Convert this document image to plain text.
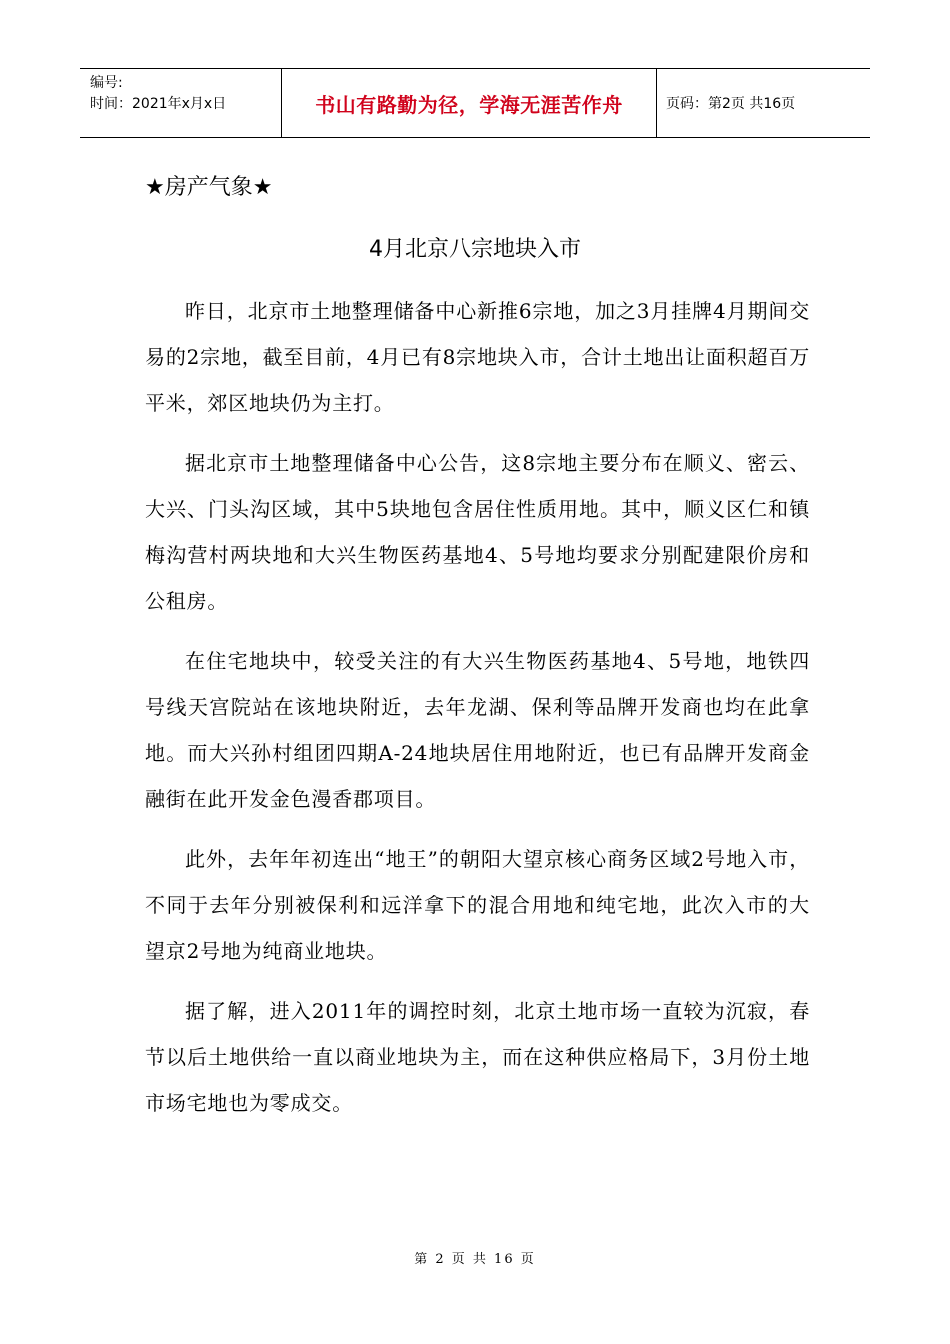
编号:
时间：2021年x月x日	书山有路勤为径，学海无涯苦作舟	页码：第2页 共16页
★房产气象★
4月北京八宗地块入市

昨日，北京市土地整理储备中心新推6宗地，加之3月挂牌4月期间交易的2宗地，截至目前，4月已有8宗地块入市，合计土地出让面积超百万平米，郊区地块仍为主打。

据北京市土地整理储备中心公告，这8宗地主要分布在顺义、密云、大兴、门头沟区域，其中5块地包含居住性质用地。其中，顺义区仁和镇梅沟营村两块地和大兴生物医药基地4、5号地均要求分别配建限价房和公租房。

在住宅地块中，较受关注的有大兴生物医药基地4、5号地，地铁四号线天宫院站在该地块附近，去年龙湖、保利等品牌开发商也均在此拿地。而大兴孙村组团四期A-24地块居住用地附近，也已有品牌开发商金融街在此开发金色漫香郡项目。

此外，去年年初连出“地王”的朝阳大望京核心商务区域2号地入市，不同于去年分别被保利和远洋拿下的混合用地和纯宅地，此次入市的大望京2号地为纯商业地块。

据了解，进入2011年的调控时刻，北京土地市场一直较为沉寂，春节以后土地供给一直以商业地块为主，而在这种供应格局下，3月份土地市场宅地也为零成交。

第 2 页 共 16 页
